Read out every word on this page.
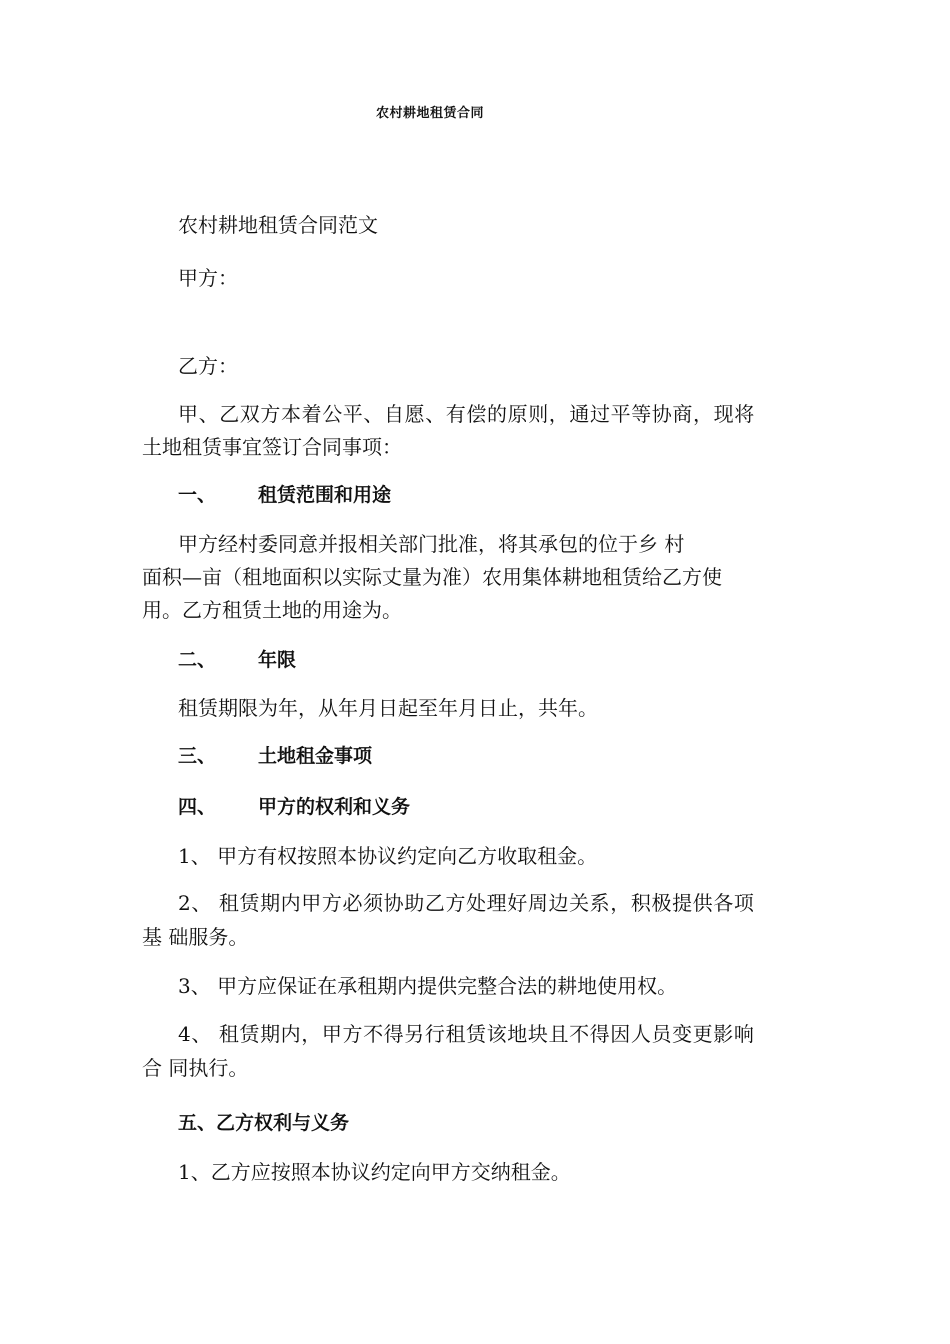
农村耕地租赁合同
农村耕地租赁合同范文
甲方：
乙方：
甲、乙双方本着公平、自愿、有偿的原则，通过平等协商，现将
土地租赁事宜签订合同事项：
一、 租赁范围和用途
甲方经村委同意并报相关部门批准，将其承包的位于乡 村
面积—亩（租地面积以实际丈量为准）农用集体耕地租赁给乙方使
用。乙方租赁土地的用途为。
二、 年限
租赁期限为年，从年月日起至年月日止，共年。
三、 土地租金事项
四、 甲方的权利和义务
1、 甲方有权按照本协议约定向乙方收取租金。
2、 租赁期内甲方必须协助乙方处理好周边关系，积极提供各项
基 础服务。
3、 甲方应保证在承租期内提供完整合法的耕地使用权。
4、 租赁期内，甲方不得另行租赁该地块且不得因人员变更影响
合 同执行。
五、乙方权利与义务
1、乙方应按照本协议约定向甲方交纳租金。
